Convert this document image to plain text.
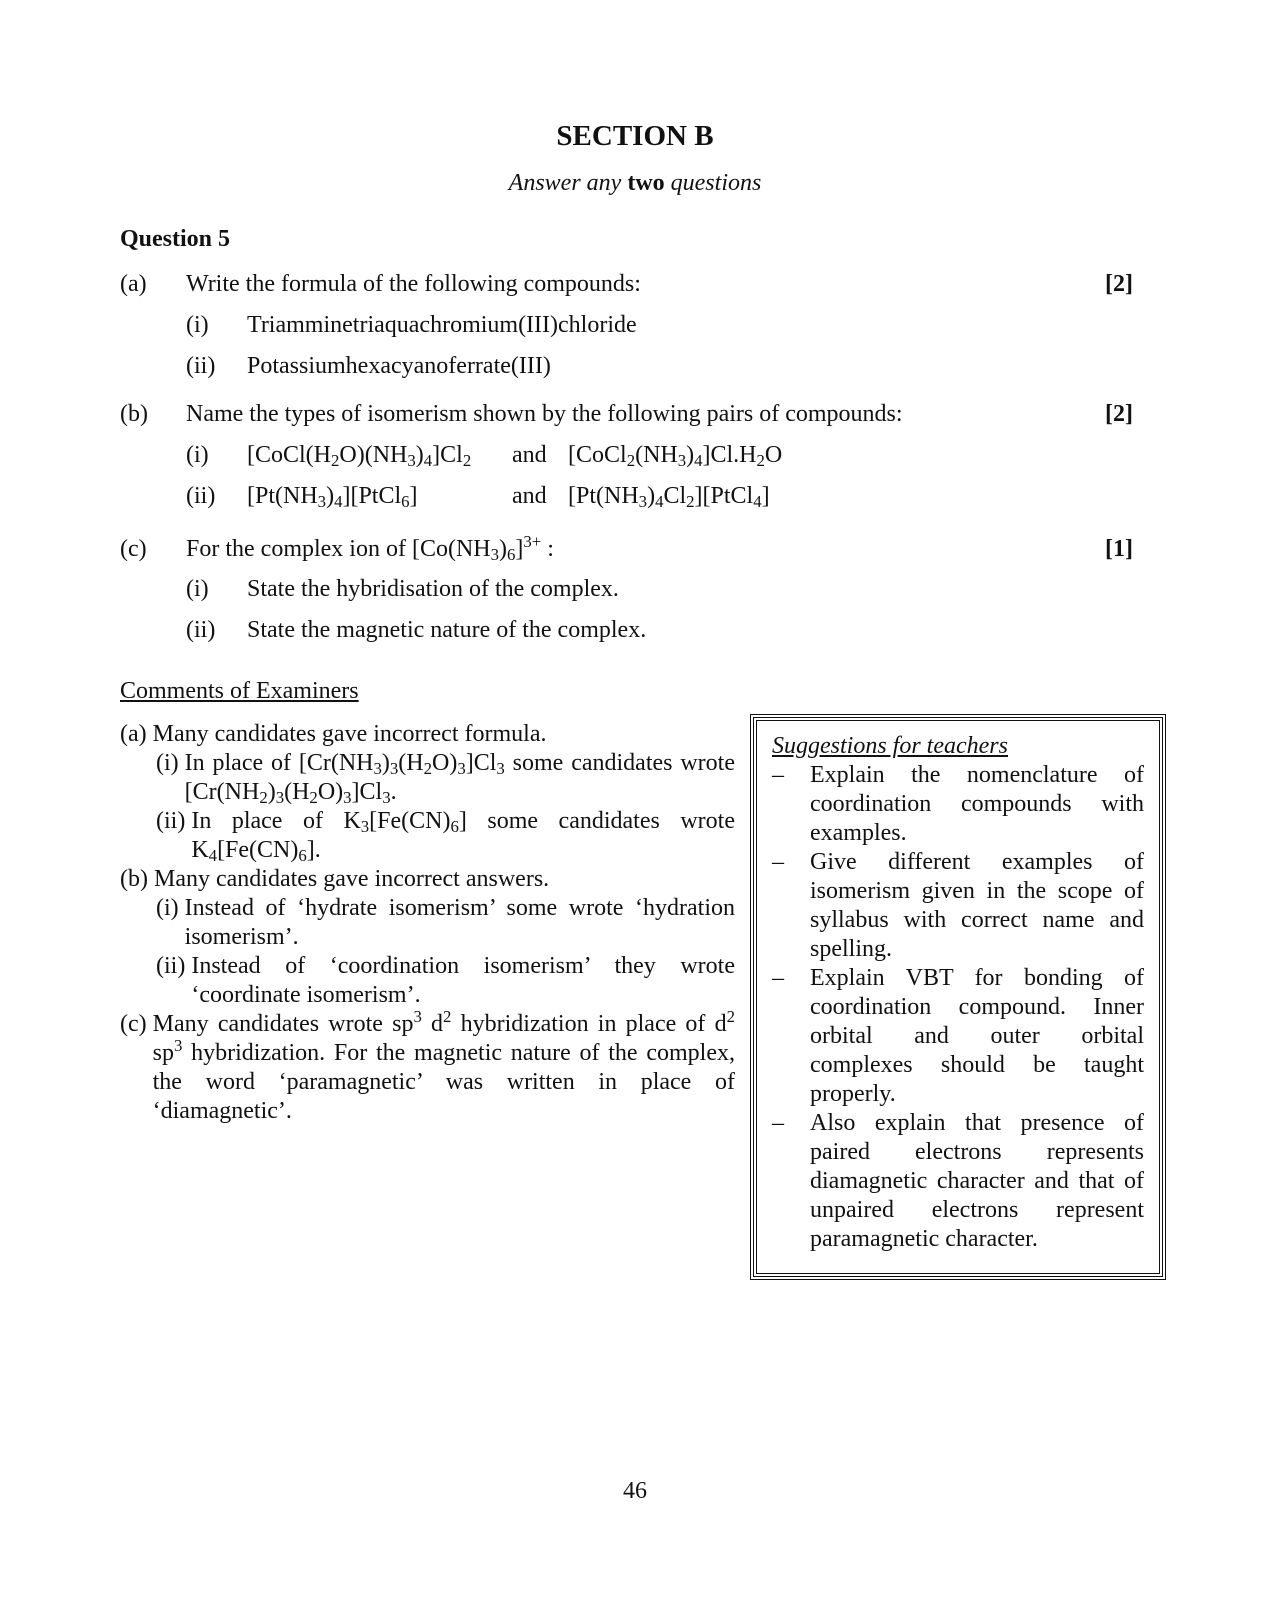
SECTION B
Answer any two questions
Question 5
(a) Write the formula of the following compounds:	[2]
(i) Triamminetriaquachromium(III)chloride
(ii) Potassiumhexacyanoferrate(III)
(b) Name the types of isomerism shown by the following pairs of compounds:	[2]
(i) $[CoCl(H_2O)(NH_3)_4]Cl_2$ and $[CoCl_2(NH_3)_4]Cl.H_2O$
(ii) $[Pt(NH_3)_4][PtCl_6]$	and $[Pt(NH_3)_4Cl_2][PtCl_4]$
(c) For the complex ion of $[Co(NH_3)_6]^{3+}$ :	[1]
(i) State the hybridisation of the complex.
(ii) State the magnetic nature of the complex.
Comments of Examiners
(a) Many candidates gave incorrect formula.
(i) In place of $[Cr(NH_3)_3(H_2O)_3]Cl_3$ some candidates wrote $[Cr(NH_2)_3(H_2O)_3]Cl_3$.
(ii) In place of $K_3[Fe(CN)_6]$ some candidates wrote $K_4[Fe(CN)_6]$.
(b) Many candidates gave incorrect answers.
(i) Instead of ‘hydrate isomerism’ some wrote ‘hydration isomerism’.
(ii) Instead of ‘coordination isomerism’ they wrote ‘coordinate isomerism’.
(c) Many candidates wrote $sp^3$ $d^2$ hybridization in place of $d^2$ $sp^3$ hybridization. For the magnetic nature of the complex, the word ‘paramagnetic’ was written in place of ‘diamagnetic’.
Suggestions for teachers
–	Explain the nomenclature of coordination compounds with examples.
–	Give different examples of isomerism given in the scope of syllabus with correct name and spelling.
–	Explain VBT for bonding of coordination compound. Inner orbital and outer orbital complexes should be taught properly.
–	Also explain that presence of paired electrons represents diamagnetic character and that of unpaired electrons represent paramagnetic character.
46
